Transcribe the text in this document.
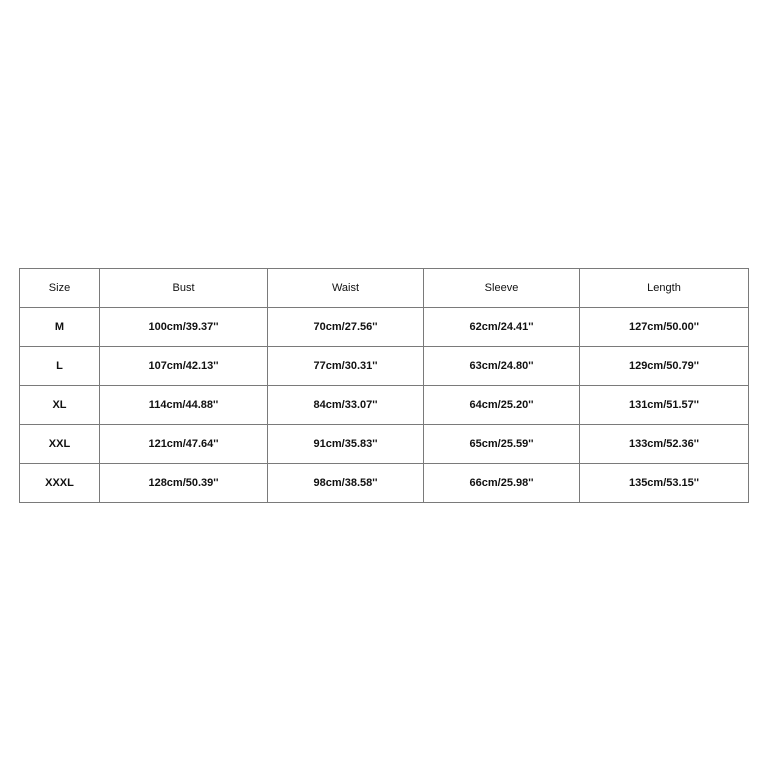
Size	Bust	Waist	Sleeve	Length
M	100cm/39.37''	70cm/27.56''	62cm/24.41''	127cm/50.00''
L	107cm/42.13''	77cm/30.31''	63cm/24.80''	129cm/50.79''
XL	114cm/44.88''	84cm/33.07''	64cm/25.20''	131cm/51.57''
XXL	121cm/47.64''	91cm/35.83''	65cm/25.59''	133cm/52.36''
XXXL	128cm/50.39''	98cm/38.58''	66cm/25.98''	135cm/53.15''
